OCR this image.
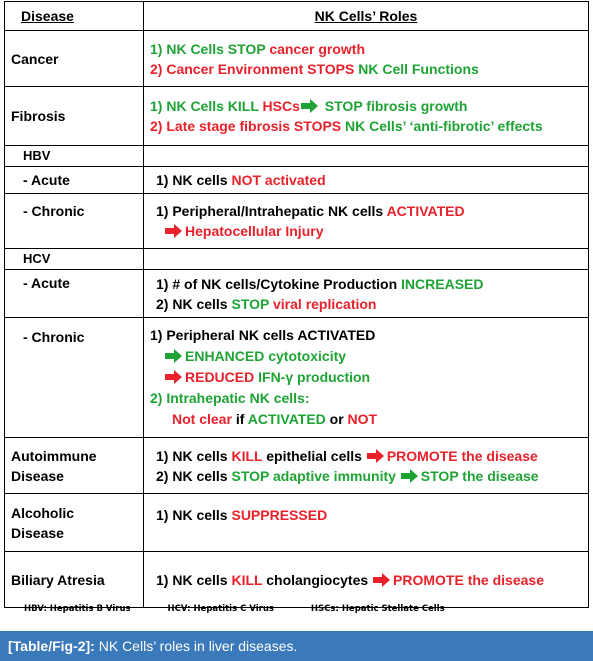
Disease	NK Cells’ Roles
Cancer	1) NK Cells STOP cancer growth
2) Cancer Environment STOPS NK Cell Functions

Fibrosis	1) NK Cells KILL HSCs STOP fibrosis growth
2) Late stage fibrosis STOPS NK Cells’ ‘anti-fibrotic’ effects

HBV	
- Acute	1) NK cells NOT activated

- Chronic	1) Peripheral/Intrahepatic NK cells ACTIVATED
Hepatocellular Injury

HCV	
- Acute	1) # of NK cells/Cytokine Production INCREASED
2) NK cells STOP viral replication

- Chronic	1) Peripheral NK cells ACTIVATED
ENHANCED cytotoxicity
REDUCED IFN-γ production
2) Intrahepatic NK cells:
Not clear if ACTIVATED or NOT

Autoimmune
Disease	1) NK cells KILL epithelial cells PROMOTE the disease
2) NK cells STOP adaptive immunity STOP the disease

Alcoholic
Disease	1) NK cells SUPPRESSED

Biliary Atresia	1) NK cells KILL cholangiocytes PROMOTE the disease
HBV: Hepatitis B Virus	HCV: Hepatitis C Virus	HSCs: Hepatic Stellate Cells
[Table/Fig-2]: NK Cells’ roles in liver diseases.
